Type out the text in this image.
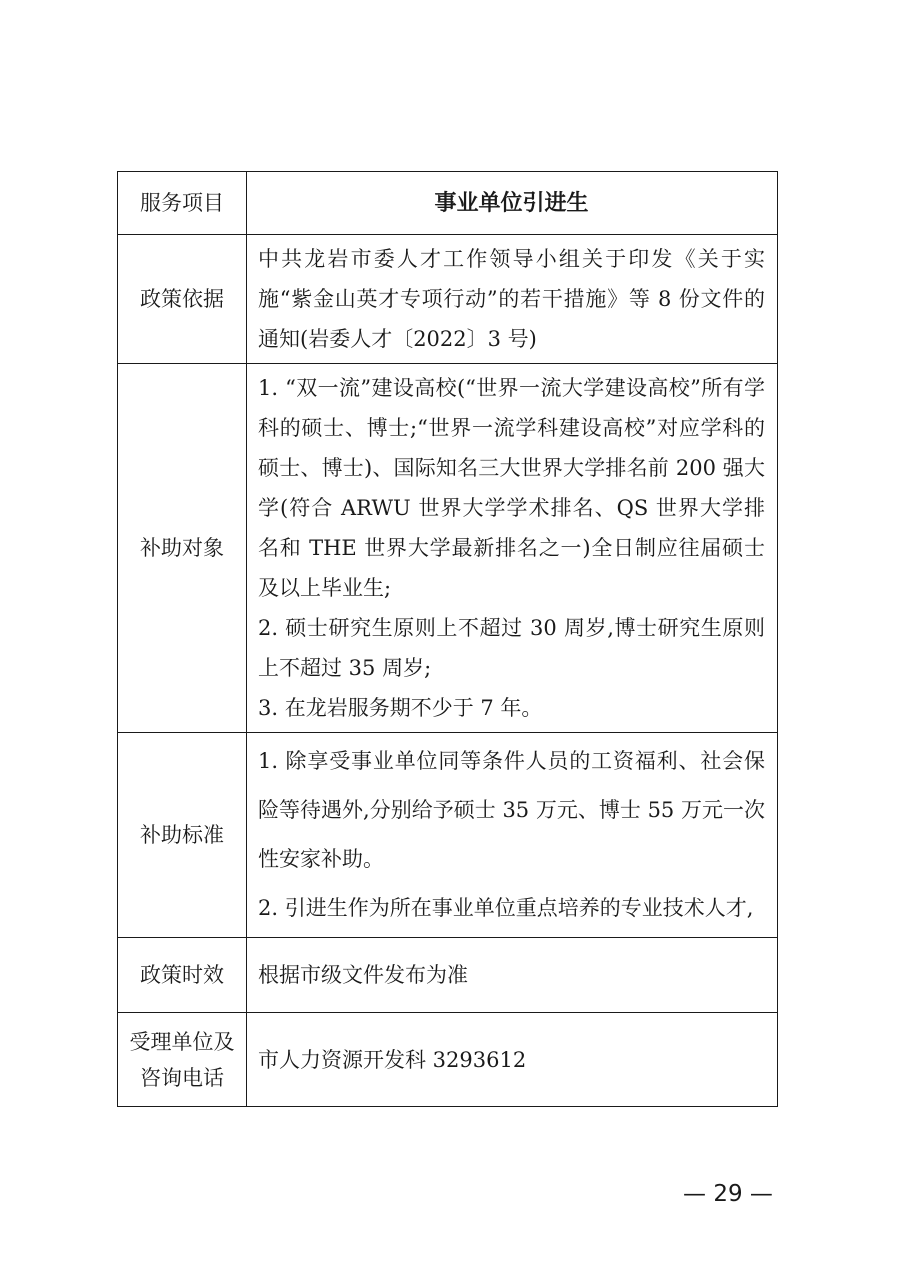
服务项目	事业单位引进生

政策依据	中共龙岩市委人才工作领导小组关于印发《关于实施“紫金山英才专项行动”的若干措施》等 8 份文件的通知(岩委人才〔2022〕3 号)

补助对象	1. “双一流”建设高校(“世界一流大学建设高校”所有学科的硕士、博士;“世界一流学科建设高校”对应学科的硕士、博士)、国际知名三大世界大学排名前 200 强大学(符合 ARWU 世界大学学术排名、QS 世界大学排名和 THE 世界大学最新排名之一)全日制应往届硕士及以上毕业生;

2. 硕士研究生原则上不超过 30 周岁,博士研究生原则上不超过 35 周岁;

3. 在龙岩服务期不少于 7 年。

补助标准	1. 除享受事业单位同等条件人员的工资福利、社会保险等待遇外,分别给予硕士 35 万元、博士 55 万元一次性安家补助。

2. 引进生作为所在事业单位重点培养的专业技术人才,

政策时效	根据市级文件发布为准

受理单位及咨询电话	市人力资源开发科 3293612

— 29 —
